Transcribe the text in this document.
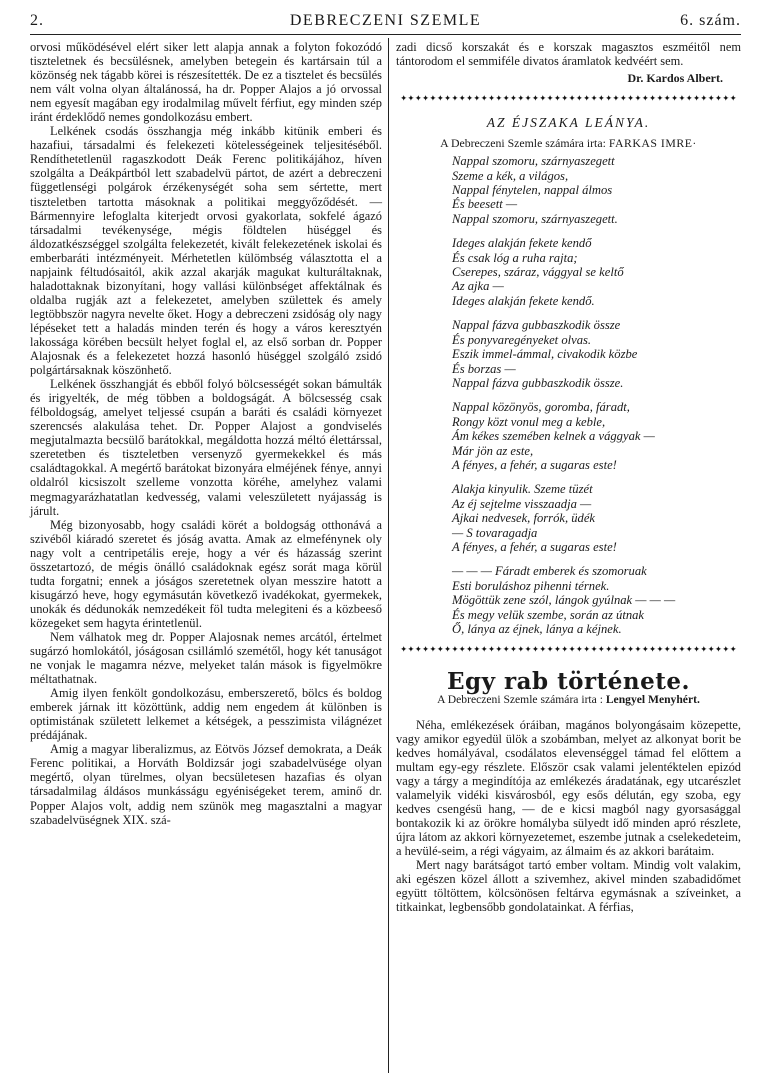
DEBRECZENI SZEMLE
2.	6. szám.

orvosi működésével elért siker lett alapja annak a folyton fokozódó tiszteletnek és becsülésnek, amelyben betegein és kartársain túl a közönség nek tágabb körei is részesítették. De ez a tisztelet és becsülés nem vált volna olyan általánossá, ha dr. Popper Alajos a jó orvossal nem egyesít magában egy irodalmilag művelt férfiut, egy minden szép iránt érdeklődő nemes gondolkozásu embert.

Lelkének csodás összhangja még inkább kitünik emberi és hazafiui, társadalmi és felekezeti kötelességeinek teljesitéséből. Rendíthetetlenül ragaszkodott Deák Ferenc politikájához, híven szolgálta a Deákpártból lett szabadelvü pártot, de azért a debreczeni függetlenségi polgárok érzékenységét soha sem sértette, mert tiszteletben tartotta másoknak a politikai meggyőződését. — Bármennyire lefoglalta kiterjedt orvosi gyakorlata, sokfelé ágazó társadalmi tevékenysége, mégis földtelen hüséggel és áldozatkészséggel szolgálta felekezetét, kivált felekezetének iskolai és emberbaráti intézményeit. Mérhetetlen külömbség választotta el a napjaink féltudósaitól, akik azzal akarják magukat kulturáltaknak, haladottaknak bizonyítani, hogy vallási különbséget affektálnak és oldalba rugják azt a felekezetet, amelyben születtek és amely legtöbbször nagyra nevelte őket. Hogy a debreczeni zsidóság oly nagy lépéseket tett a haladás minden terén és hogy a város keresztyén lakossága körében becsült helyet foglal el, az első sorban dr. Popper Alajosnak és a felekezetet hozzá hasonló hüséggel szolgáló zsidó polgártársaknak köszönhető.

Lelkének összhangját és ebből folyó bölcsességét sokan bámulták és irigyelték, de még többen a boldogságát. A bölcsesség csak félboldogság, amelyet teljessé csupán a baráti és családi környezet szerencsés alakulása tehet. Dr. Popper Alajost a gondviselés megjutalmazta becsülő barátokkal, megáldotta hozzá méltó élettárssal, szeretetben és tiszteletben versenyző gyermekekkel és más családtagokkal. A megértő barátokat bizonyára elméjének fénye, annyi oldalról kicsiszolt szelleme vonzotta köréhe, amelyhez valami megmagyarázhatatlan kedvesség, valami veleszületett nyájasság is járult.

Még bizonyosabb, hogy családi körét a boldogság otthonává a szivéből kiáradó szeretet és jóság avatta. Amak az elmefénynek oly nagy volt a centripetális ereje, hogy a vér és házasság szerint összetartozó, de mégis önálló családoknak egész sorát maga körül tudta forgatni; ennek a jóságos szeretetnek olyan messzire hatott a kisugárzó heve, hogy egymásután következő ivadékokat, gyermekek, unokák és dédunokák nemzedékeit föl tudta melegiteni és a közbeeső közegeket sem hagyta érintetlenül.

Nem válhatok meg dr. Popper Alajosnak nemes arcától, értelmet sugárzó homlokától, jóságosan csillámló szemétől, hogy két tanuságot ne vonjak le magamra nézve, melyeket talán mások is figyelmökre méltathatnak.

Amig ilyen fenkölt gondolkozásu, emberszerető, bölcs és boldog emberek járnak itt közöttünk, addig nem engedem át különben is optimistának született lelkemet a kétségek, a pesszimista világnézet prédájának.

Amig a magyar liberalizmus, az Eötvös József demokrata, a Deák Ferenc politikai, a Horváth Boldizsár jogi szabadelvüsége olyan megértő, olyan türelmes, olyan becsületesen hazafias és olyan társadalmilag áldásos munkásságu egyéniségeket terem, aminő dr. Popper Alajos volt, addig nem szünök meg magasztalni a magyar szabadelvüségnek XIX. szá-

zadi dicső korszakát és e korszak magasztos eszméitől nem tántorodom el semmiféle divatos áramlatok kedvéért sem.

Dr. Kardos Albert.
✦✦✦✦✦✦✦✦✦✦✦✦✦✦✦✦✦✦✦✦✦✦✦✦✦✦✦✦✦✦✦✦✦✦✦✦✦✦✦✦✦✦✦✦✦✦
AZ ÉJSZAKA LEÁNYA.
A Debreczeni Szemle számára irta: FARKAS IMRE·
Nappal szomoru, szárnyaszegett
Szeme a kék, a világos,
Nappal fénytelen, nappal álmos
És beesett —
Nappal szomoru, szárnyaszegett.
Ideges alakján fekete kendő
És csak lóg a ruha rajta;
Cserepes, száraz, vággyal se keltő
Az ajka —
Ideges alakján fekete kendő.
Nappal fázva gubbaszkodik össze
És ponyvaregényeket olvas.
Eszik immel-ámmal, civakodik közbe
És borzas —
Nappal fázva gubbaszkodik össze.
Nappal közönyös, goromba, fáradt,
Rongy közt vonul meg a keble,
Ám kékes szemében kelnek a vággyak —
Már jön az este,
A fényes, a fehér, a sugaras este!
Alakja kinyulik. Szeme tüzét
Az éj sejtelme visszaadja —
Ajkai nedvesek, forrók, üdék
— S tovaragadja
A fényes, a fehér, a sugaras este!
— — — Fáradt emberek és szomoruak
Esti boruláshoz pihenni térnek.
Mögöttük zene szól, lángok gyúlnak — — —
És megy velük szembe, során az útnak
Ő, lánya az éjnek, lánya a kéjnek.
✦✦✦✦✦✦✦✦✦✦✦✦✦✦✦✦✦✦✦✦✦✦✦✦✦✦✦✦✦✦✦✦✦✦✦✦✦✦✦✦✦✦✦✦✦✦
Egy rab története.
A Debreczeni Szemle számára irta : Lengyel Menyhért.

Néha, emlékezések óráiban, magános bolyongásaim közepette, vagy amikor egyedül ülök a szobámban, melyet az alkonyat borit be kedves homályával, csodálatos elevenséggel támad fel előttem a multam egy-egy részlete. Először csak valami jelentéktelen epizód vagy a tárgy a megindítója az emlékezés áradatának, egy utcarészlet valamelyik vidéki kisvárosból, egy esős délután, egy szoba, egy kedves csengésü hang, — de e kicsi magból nagy gyorsasággal bontakozik ki az örökre homályba sülyedt idő minden apró részlete, újra látom az akkori környezetemet, eszembe jutnak a cselekedeteim, a hevülé-seim, a régi vágyaim, az álmaim és az akkori barátaim.

Mert nagy barátságot tartó ember voltam. Mindig volt valakim, aki egészen közel állott a szivemhez, akivel minden szabadidőmet együtt töltöttem, kölcsönösen feltárva egymásnak a szíveinket, a titkainkat, legbensőbb gondolatainkat. A férfias,
